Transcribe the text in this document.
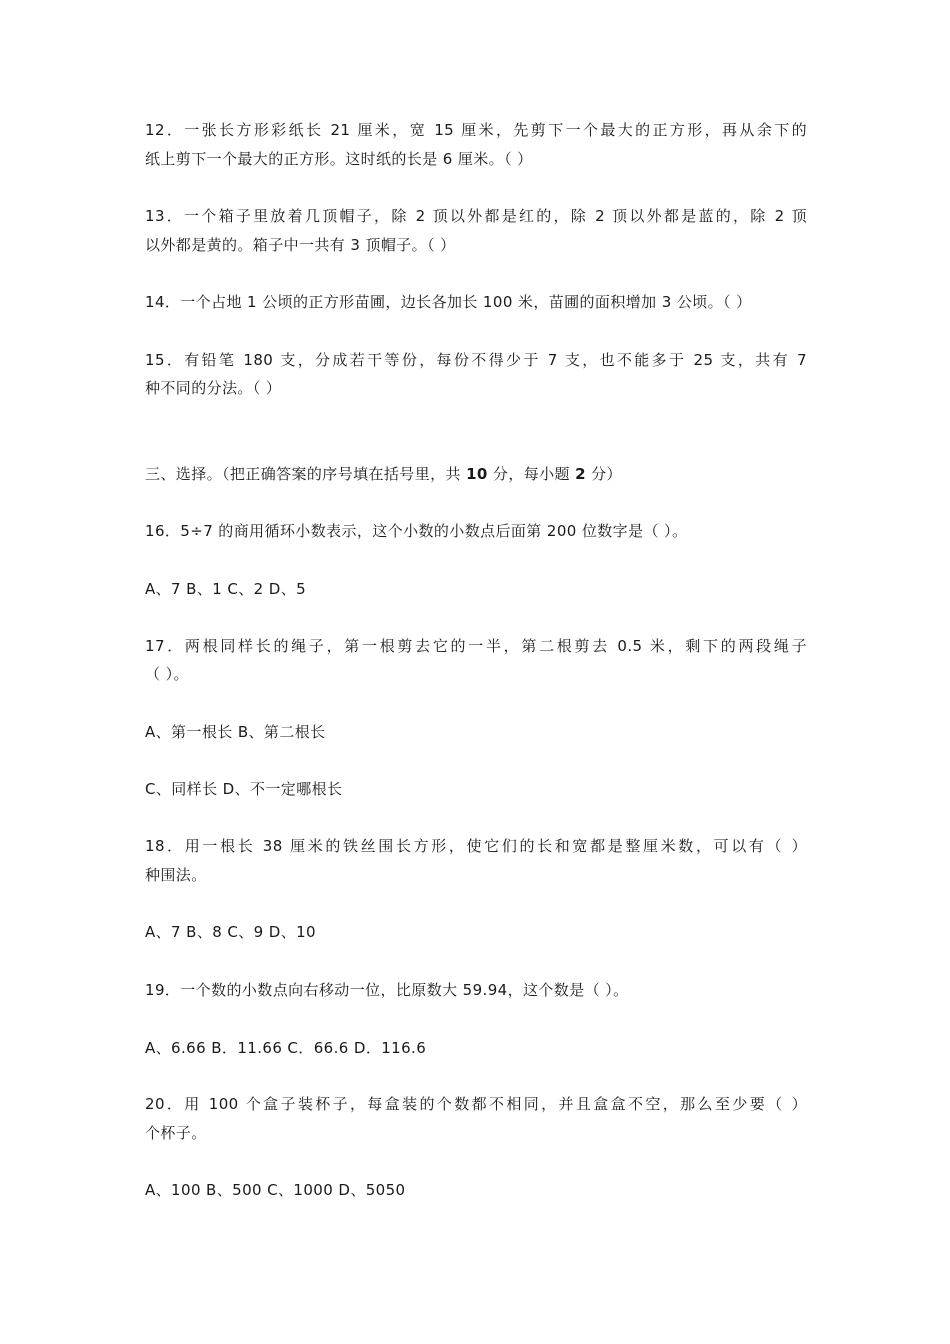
12．一张长方形彩纸长 21 厘米，宽 15 厘米，先剪下一个最大的正方形，再从余下的
纸上剪下一个最大的正方形。这时纸的长是 6 厘米。（ ）
13．一个箱子里放着几顶帽子，除 2 顶以外都是红的，除 2 顶以外都是蓝的，除 2 顶
以外都是黄的。箱子中一共有 3 顶帽子。（ ）
14．一个占地 1 公顷的正方形苗圃，边长各加长 100 米，苗圃的面积增加 3 公顷。（ ）
15．有铅笔 180 支，分成若干等份，每份不得少于 7 支，也不能多于 25 支，共有 7
种不同的分法。（ ）
三、选择。（把正确答案的序号填在括号里，共 10 分，每小题 2 分）
16．5÷7 的商用循环小数表示，这个小数的小数点后面第 200 位数字是（ ）。
A、7 B、1 C、2 D、5
17．两根同样长的绳子，第一根剪去它的一半，第二根剪去 0.5 米，剩下的两段绳子
（ ）。
A、第一根长 B、第二根长
C、同样长 D、不一定哪根长
18．用一根长 38 厘米的铁丝围长方形，使它们的长和宽都是整厘米数，可以有（ ）
种围法。
A、7 B、8 C、9 D、10
19．一个数的小数点向右移动一位，比原数大 59.94，这个数是（ ）。
A、6.66 B．11.66 C．66.6 D．116.6
20．用 100 个盒子装杯子，每盒装的个数都不相同，并且盒盒不空，那么至少要（ ）
个杯子。
A、100 B、500 C、1000 D、5050
